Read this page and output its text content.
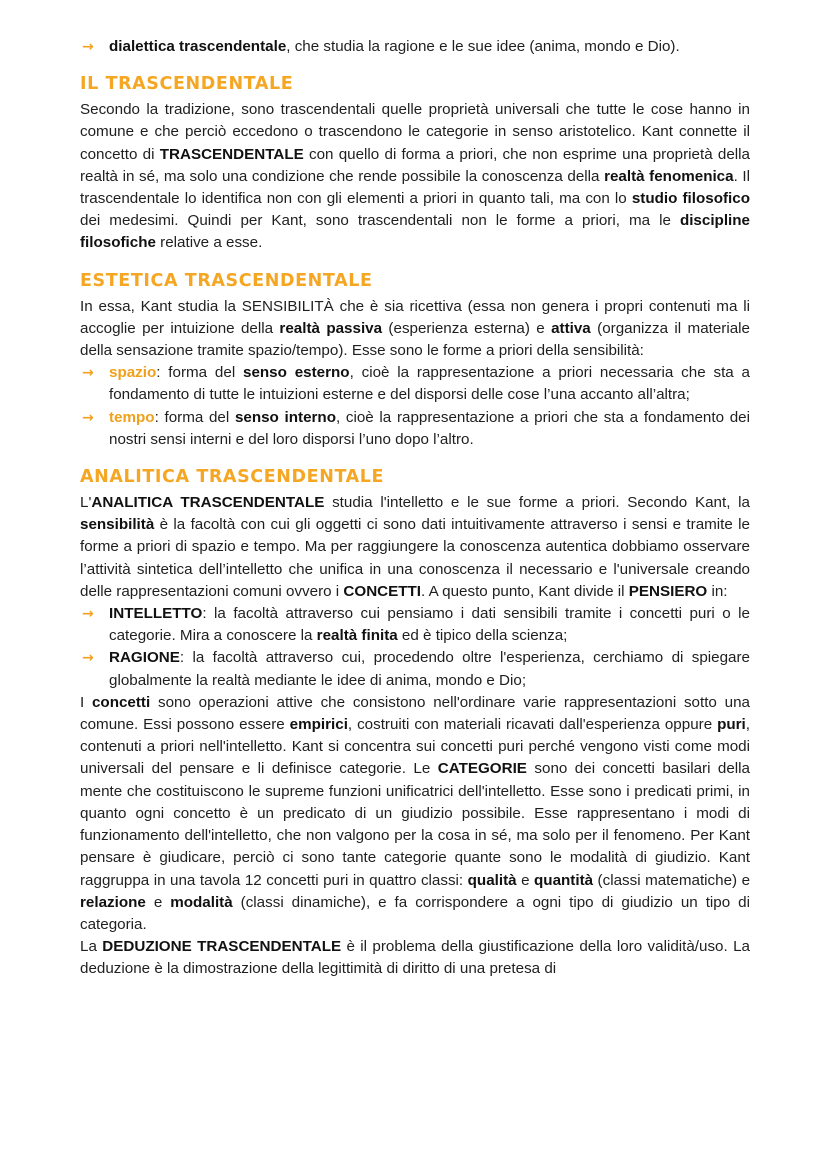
→ dialettica trascendentale, che studia la ragione e le sue idee (anima, mondo e Dio).
IL TRASCENDENTALE

Secondo la tradizione, sono trascendentali quelle proprietà universali che tutte le cose hanno in comune e che perciò eccedono o trascendono le categorie in senso aristotelico. Kant connette il concetto di TRASCENDENTALE con quello di forma a priori, che non esprime una proprietà della realtà in sé, ma solo una condizione che rende possibile la conoscenza della realtà fenomenica. Il trascendentale lo identifica non con gli elementi a priori in quanto tali, ma con lo studio filosofico dei medesimi. Quindi per Kant, sono trascendentali non le forme a priori, ma le discipline filosofiche relative a esse.

ESTETICA TRASCENDENTALE

In essa, Kant studia la SENSIBILITÀ che è sia ricettiva (essa non genera i propri contenuti ma li accoglie per intuizione della realtà passiva (esperienza esterna) e attiva (organizza il materiale della sensazione tramite spazio/tempo). Esse sono le forme a priori della sensibilità:

→ spazio: forma del senso esterno, cioè la rappresentazione a priori necessaria che sta a fondamento di tutte le intuizioni esterne e del disporsi delle cose l’una accanto all’altra;
→ tempo: forma del senso interno, cioè la rappresentazione a priori che sta a fondamento dei nostri sensi interni e del loro disporsi l’uno dopo l’altro.
ANALITICA TRASCENDENTALE

L'ANALITICA TRASCENDENTALE studia l'intelletto e le sue forme a priori. Secondo Kant, la sensibilità è la facoltà con cui gli oggetti ci sono dati intuitivamente attraverso i sensi e tramite le forme a priori di spazio e tempo. Ma per raggiungere la conoscenza autentica dobbiamo osservare l’attività sintetica dell’intelletto che unifica in una conoscenza il necessario e l'universale creando delle rappresentazioni comuni ovvero i CONCETTI. A questo punto, Kant divide il PENSIERO in:

→ INTELLETTO: la facoltà attraverso cui pensiamo i dati sensibili tramite i concetti puri o le categorie. Mira a conoscere la realtà finita ed è tipico della scienza;
→ RAGIONE: la facoltà attraverso cui, procedendo oltre l'esperienza, cerchiamo di spiegare globalmente la realtà mediante le idee di anima, mondo e Dio;

I concetti sono operazioni attive che consistono nell'ordinare varie rappresentazioni sotto una comune. Essi possono essere empirici, costruiti con materiali ricavati dall'esperienza oppure puri, contenuti a priori nell'intelletto. Kant si concentra sui concetti puri perché vengono visti come modi universali del pensare e li definisce categorie. Le CATEGORIE sono dei concetti basilari della mente che costituiscono le supreme funzioni unificatrici dell'intelletto. Esse sono i predicati primi, in quanto ogni concetto è un predicato di un giudizio possibile. Esse rappresentano i modi di funzionamento dell'intelletto, che non valgono per la cosa in sé, ma solo per il fenomeno. Per Kant pensare è giudicare, perciò ci sono tante categorie quante sono le modalità di giudizio. Kant raggruppa in una tavola 12 concetti puri in quattro classi: qualità e quantità (classi matematiche) e relazione e modalità (classi dinamiche), e fa corrispondere a ogni tipo di giudizio un tipo di categoria.

La DEDUZIONE TRASCENDENTALE è il problema della giustificazione della loro validità/uso. La deduzione è la dimostrazione della legittimità di diritto di una pretesa di
